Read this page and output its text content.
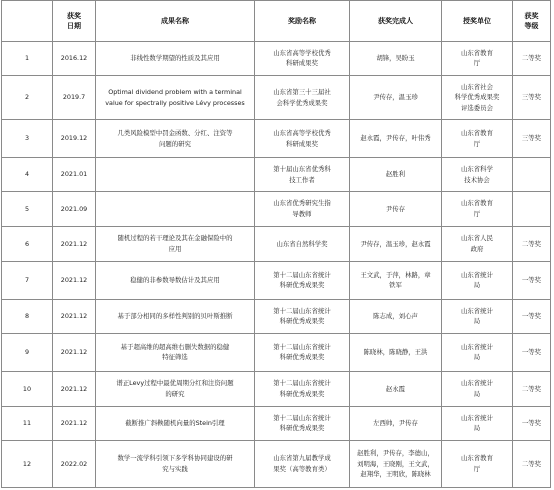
	获奖
日期	成果名称	奖励名称	获奖完成人	授奖单位	获奖
等级
1	2016.12	非线性数学期望的性质及其应用	山东省高等学校优秀
科研成果奖	胡锋，吴盼玉	山东省教育
厅	二等奖
2	2019.7	Optimal dividend problem with a terminal
value for spectrally positive Lévy processes	山东省第三十三届社
会科学优秀成果奖	尹传存，温玉珍	山东省社会
科学优秀成果奖
评选委员会	三等奖
3	2019.12	几类风险模型中罚金函数、分红、注资等
问题的研究	山东省高等学校优秀
科研成果奖	赵永霞，尹传存，叶伟秀	山东省教育
厅	三等奖
4	2021.01		第十届山东省优秀科
技工作者	赵胜利	山东省科学
技术协会	
5	2021.09		山东省优秀研究生指
导教师	尹传存	山东省教育
厅	
6	2021.12	随机过程的若干理论及其在金融保险中的
应用	山东省自然科学奖	尹传存，温玉珍，赵永霞	山东省人民
政府	二等奖
7	2021.12	稳健的非参数导数估计及其应用	第十二届山东省统计
科研优秀成果奖	王文武，于萍，林路，章
铁军	山东省统计
局	一等奖
8	2021.12	基于部分相同的多样性判别的贝叶斯推断	第十二届山东省统计
科研优秀成果奖	陈志成，刘心声	山东省统计
局	一等奖
9	2021.12	基于超高维的超高维右删失数据的稳健
特征筛选	第十二届山东省统计
科研优秀成果奖	陈晓林，陈晓静，王洪	山东省统计
局	一等奖
10	2021.12	谱正Levy过程中最优周期分红和注资问题
的研究	第十二届山东省统计
科研优秀成果奖	赵永霞	山东省统计
局	二等奖
11	2021.12	截断推广斜鞅随机向量的Stein引理	第十二届山东省统计
科研优秀成果奖	左西帅，尹传存	山东省统计
局	一等奖
12	2022.02	数学一流学科引领下多学科协同建设的研
究与实践	山东省第九届教学成
果奖（高等教育类）	赵胜利，尹传存，李德山，
刘明海，王晓刚，王文武，
赵翔华，王明欣，陈晓林	山东省教育
厅	二等奖
